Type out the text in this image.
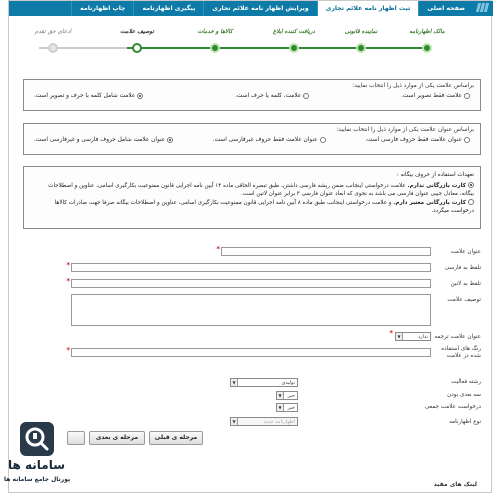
صفحه اصلی
ثبت اظهار نامه علائم تجاری
ویرایش اظهار نامه علائم تجاری
پیگیری اظهارنامه
چاپ اظهارنامه
مالک اظهارنامه
نماینده قانونی
دریافت کننده ابلاغ
کالاها و خدمات
توصیف علامت
ادعای حق تقدم
براساس علامت یکی از موارد ذیل را انتخاب نمایید:
علامت فقط تصویر است.
علامت، کلمه یا حرف است.
علامت شامل کلمه یا حرف و تصویر است.
براساس عنوان علامت یکی از موارد ذیل را انتخاب نمایید:
عنوان علامت فقط حروف فارسی است.
عنوان علامت فقط حروف غیرفارسی است.
عنوان علامت شامل حروف فارسی و غیرفارسی است.

تعهدات استفاده از حروف بیگانه :

کارت بازرگانی ندارم. علامت درخواستی اینجانب ضمن ریشه فارسی داشتن، طبق تبصره الحاقی ماده ۱۴ آیین نامه اجرایی قانون ممنوعیت بکارگیری اسامی، عناوین و اصطلاحات

بیگانه، معادل جیبی عنوان فارسی می باشد به نحوی که ابعاد عنوان فارسی ۳ برابر عنوان لاتین است.

کارت بازرگانی معتبر دارم. و علامت درخواستی اینجانب طبق ماده ۸ آیین نامه اجرایی قانون ممنوعیت بکارگیری اسامی، عناوین و اصطلاحات بیگانه صرفا جهت صادرات کالاها

درخواست میگردد.

عنوان علامت
*
تلفظ به فارسی
*
تلفظ به لاتین
*
توصیف علامت
عنوان علامت ترجمه
ندارد
▼
*
رنگ های استفاده
شده در علامت
*
رشته فعالیت
تولیدی
▼
سه بعدی بودن
خیر
▼
درخواست علامت جمعی
خیر
▼
نوع اظهارنامه
اظهارنامه جدید
▼
مرحله ی قبلی
مرحله ی بعدی
لینک های مفید
سامانه ها
پورتال جامع سامانه ها
